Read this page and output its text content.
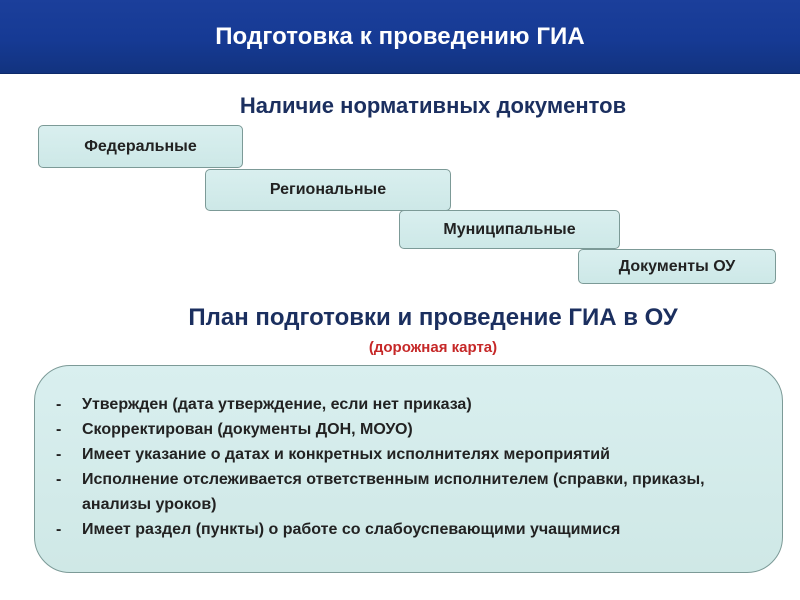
Подготовка к проведению ГИА
Наличие нормативных документов
Федеральные
Региональные
Муниципальные
Документы ОУ
План подготовки и проведение ГИА в ОУ
(дорожная карта)
-	Утвержден (дата утверждение, если нет приказа)
-	Скорректирован (документы ДОН, МОУО)
-	Имеет указание о датах и конкретных исполнителях мероприятий
-	Исполнение отслеживается ответственным исполнителем (справки, приказы, анализы уроков)
-	Имеет раздел (пункты) о работе со слабоуспевающими учащимися
